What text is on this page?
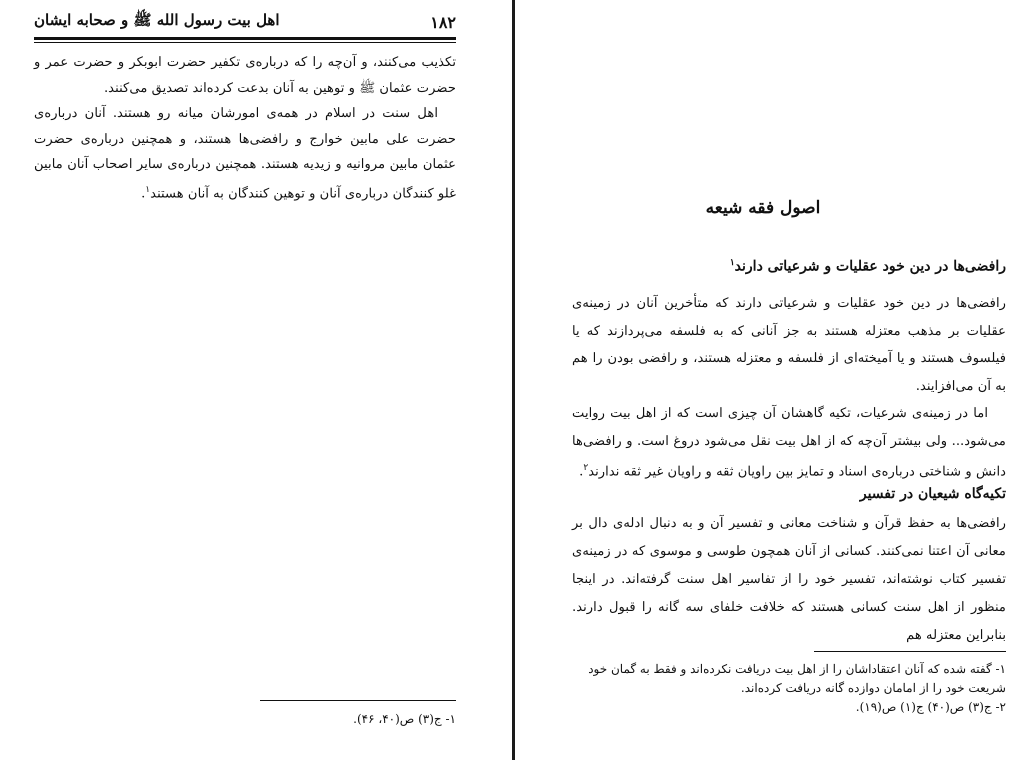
۱۸۲
اهل بیت رسول الله ﷺ و صحابه ایشان

تکذیب می‌کنند، و آن‌چه را که درباره‌ی تکفیر حضرت ابوبکر و حضرت عمر و حضرت عثمان ﷺ و توهین به آنان بدعت کرده‌اند تصدیق می‌کنند.

اهل سنت در اسلام در همه‌ی امورشان میانه رو هستند. آنان درباره‌ی حضرت علی مابین خوارج و رافضی‌ها هستند، و همچنین درباره‌ی حضرت عثمان مابین مروانیه و زیدیه هستند. همچنین درباره‌ی سایر اصحاب آنان مابین غلو کنندگان درباره‌ی آنان و توهین کنندگان به آنان هستند$^۱$.

۱- ج(۳) ص(۴۰، ۴۶).
اصول فقه شیعه
رافضی‌ها در دین خود عقلیات و شرعیاتی دارند$^۱$

رافضی‌ها در دین خود عقلیات و شرعیاتی دارند که متأخرین آنان در زمینه‌ی عقلیات بر مذهب معتزله هستند به جز آنانی که به فلسفه می‌پردازند که یا فیلسوف هستند و یا آمیخته‌ای از فلسفه و معتزله هستند، و رافضی بودن را هم به آن می‌افزایند.

اما در زمینه‌ی شرعیات، تکیه گاهشان آن چیزی است که از اهل بیت روایت می‌شود... ولی بیشتر آن‌چه که از اهل بیت نقل می‌شود دروغ است. و رافضی‌ها دانش و شناختی درباره‌ی اسناد و تمایز بین راویان ثقه و راویان غیر ثقه ندارند$^۲$.

تکیه‌گاه شیعیان در تفسیر

رافضی‌ها به حفظ قرآن و شناخت معانی و تفسیر آن و به دنبال ادله‌ی دال بر معانی آن اعتنا نمی‌کنند. کسانی از آنان همچون طوسی و موسوی که در زمینه‌ی تفسیر کتاب نوشته‌اند، تفسیر خود را از تفاسیر اهل سنت گرفته‌اند. در اینجا منظور از اهل سنت کسانی هستند که خلافت خلفای سه گانه را قبول دارند. بنابراین معتزله هم

۱- گفته شده که آنان اعتقاداشان را از اهل بیت دریافت نکرده‌اند و فقط به گمان خود شریعت خود را از امامان دوازده گانه دریافت کرده‌اند.

۲- ج(۳) ص(۴۰) ج(۱) ص(۱۹).
